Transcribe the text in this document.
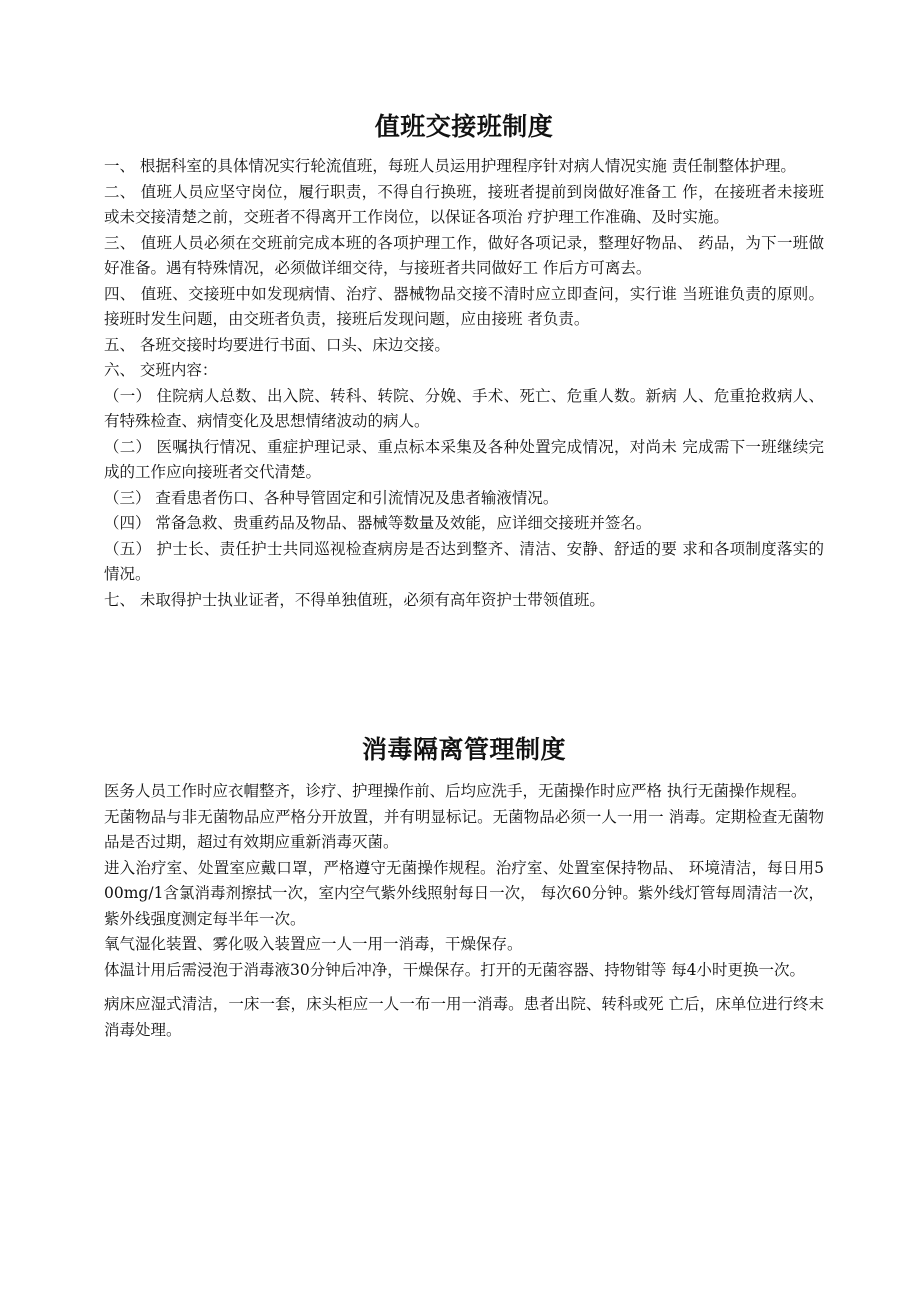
值班交接班制度

一、 根据科室的具体情况实行轮流值班，每班人员运用护理程序针对病人情况实施 责任制整体护理。

二、 值班人员应坚守岗位，履行职责，不得自行换班，接班者提前到岗做好准备工 作，在接班者未接班或未交接清楚之前，交班者不得离开工作岗位，以保证各项治 疗护理工作准确、及时实施。

三、 值班人员必须在交班前完成本班的各项护理工作，做好各项记录，整理好物品、 药品，为下一班做好准备。遇有特殊情况，必须做详细交待，与接班者共同做好工 作后方可离去。

四、 值班、交接班中如发现病情、治疗、器械物品交接不清时应立即查问，实行谁 当班谁负责的原则。接班时发生问题，由交班者负责，接班后发现问题，应由接班 者负责。

五、 各班交接时均要进行书面、口头、床边交接。

六、 交班内容：

（一） 住院病人总数、出入院、转科、转院、分娩、手术、死亡、危重人数。新病 人、危重抢救病人、有特殊检查、病情变化及思想情绪波动的病人。

（二） 医嘱执行情况、重症护理记录、重点标本采集及各种处置完成情况，对尚未 完成需下一班继续完成的工作应向接班者交代清楚。

（三） 查看患者伤口、各种导管固定和引流情况及患者输液情况。

（四） 常备急救、贵重药品及物品、器械等数量及效能，应详细交接班并签名。

（五） 护士长、责任护士共同巡视检查病房是否达到整齐、清洁、安静、舒适的要 求和各项制度落实的情况。

七、 未取得护士执业证者，不得单独值班，必须有高年资护士带领值班。

消毒隔离管理制度

医务人员工作时应衣帽整齐，诊疗、护理操作前、后均应洗手，无菌操作时应严格 执行无菌操作规程。

无菌物品与非无菌物品应严格分开放置，并有明显标记。无菌物品必须一人一用一 消毒。定期检查无菌物品是否过期，超过有效期应重新消毒灭菌。

进入治疗室、处置室应戴口罩，严格遵守无菌操作规程。治疗室、处置室保持物品、 环境清洁，每日用500mg/1含氯消毒剂擦拭一次，室内空气紫外线照射每日一次， 每次60分钟。紫外线灯管每周清洁一次，紫外线强度测定每半年一次。

氧气湿化装置、雾化吸入装置应一人一用一消毒，干燥保存。

体温计用后需浸泡于消毒液30分钟后冲净，干燥保存。打开的无菌容器、持物钳等 每4小时更换一次。

病床应湿式清洁，一床一套，床头柜应一人一布一用一消毒。患者出院、转科或死 亡后，床单位进行终末消毒处理。
